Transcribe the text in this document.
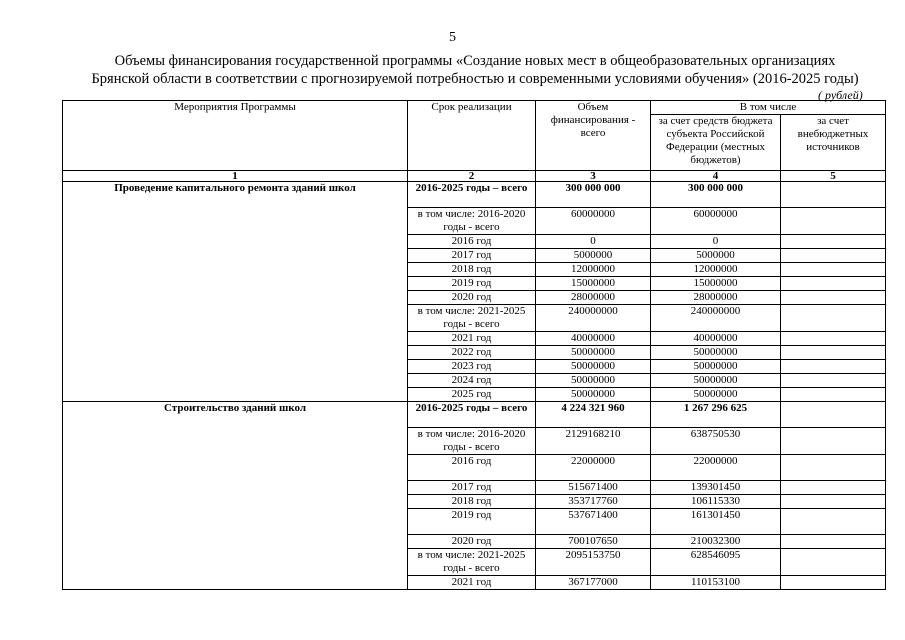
5
Объемы финансирования государственной программы «Создание новых мест в общеобразовательных организациях
Брянской области в соответствии с прогнозируемой потребностью и современными условиями обучения» (2016-2025 годы)
( рублей)
Мероприятия Программы	Срок реализации	Объем финансирования - всего	В том числе	
			за счет средств бюджета субъекта Российской Федерации (местных бюджетов)	за счет внебюджетных источников
1	2	3	4	5
Проведение капитального ремонта зданий школ	2016-2025 годы – всего	300 000 000	300 000 000	
	в том числе: 2016-2020 годы - всего	60000000	60000000	
	2016 год	0	0	
	2017 год	5000000	5000000	
	2018 год	12000000	12000000	
	2019 год	15000000	15000000	
	2020 год	28000000	28000000	
	в том числе: 2021-2025 годы - всего	240000000	240000000	
	2021 год	40000000	40000000	
	2022 год	50000000	50000000	
	2023 год	50000000	50000000	
	2024 год	50000000	50000000	
	2025 год	50000000	50000000	
Строительство зданий школ	2016-2025 годы – всего	4 224 321 960	1 267 296 625	
	в том числе: 2016-2020 годы - всего	2129168210	638750530	
	2016 год	22000000	22000000	
	2017 год	515671400	139301450	
	2018 год	353717760	106115330	
	2019 год	537671400	161301450	
	2020 год	700107650	210032300	
	в том числе: 2021-2025 годы - всего	2095153750	628546095	
	2021 год	367177000	110153100	
